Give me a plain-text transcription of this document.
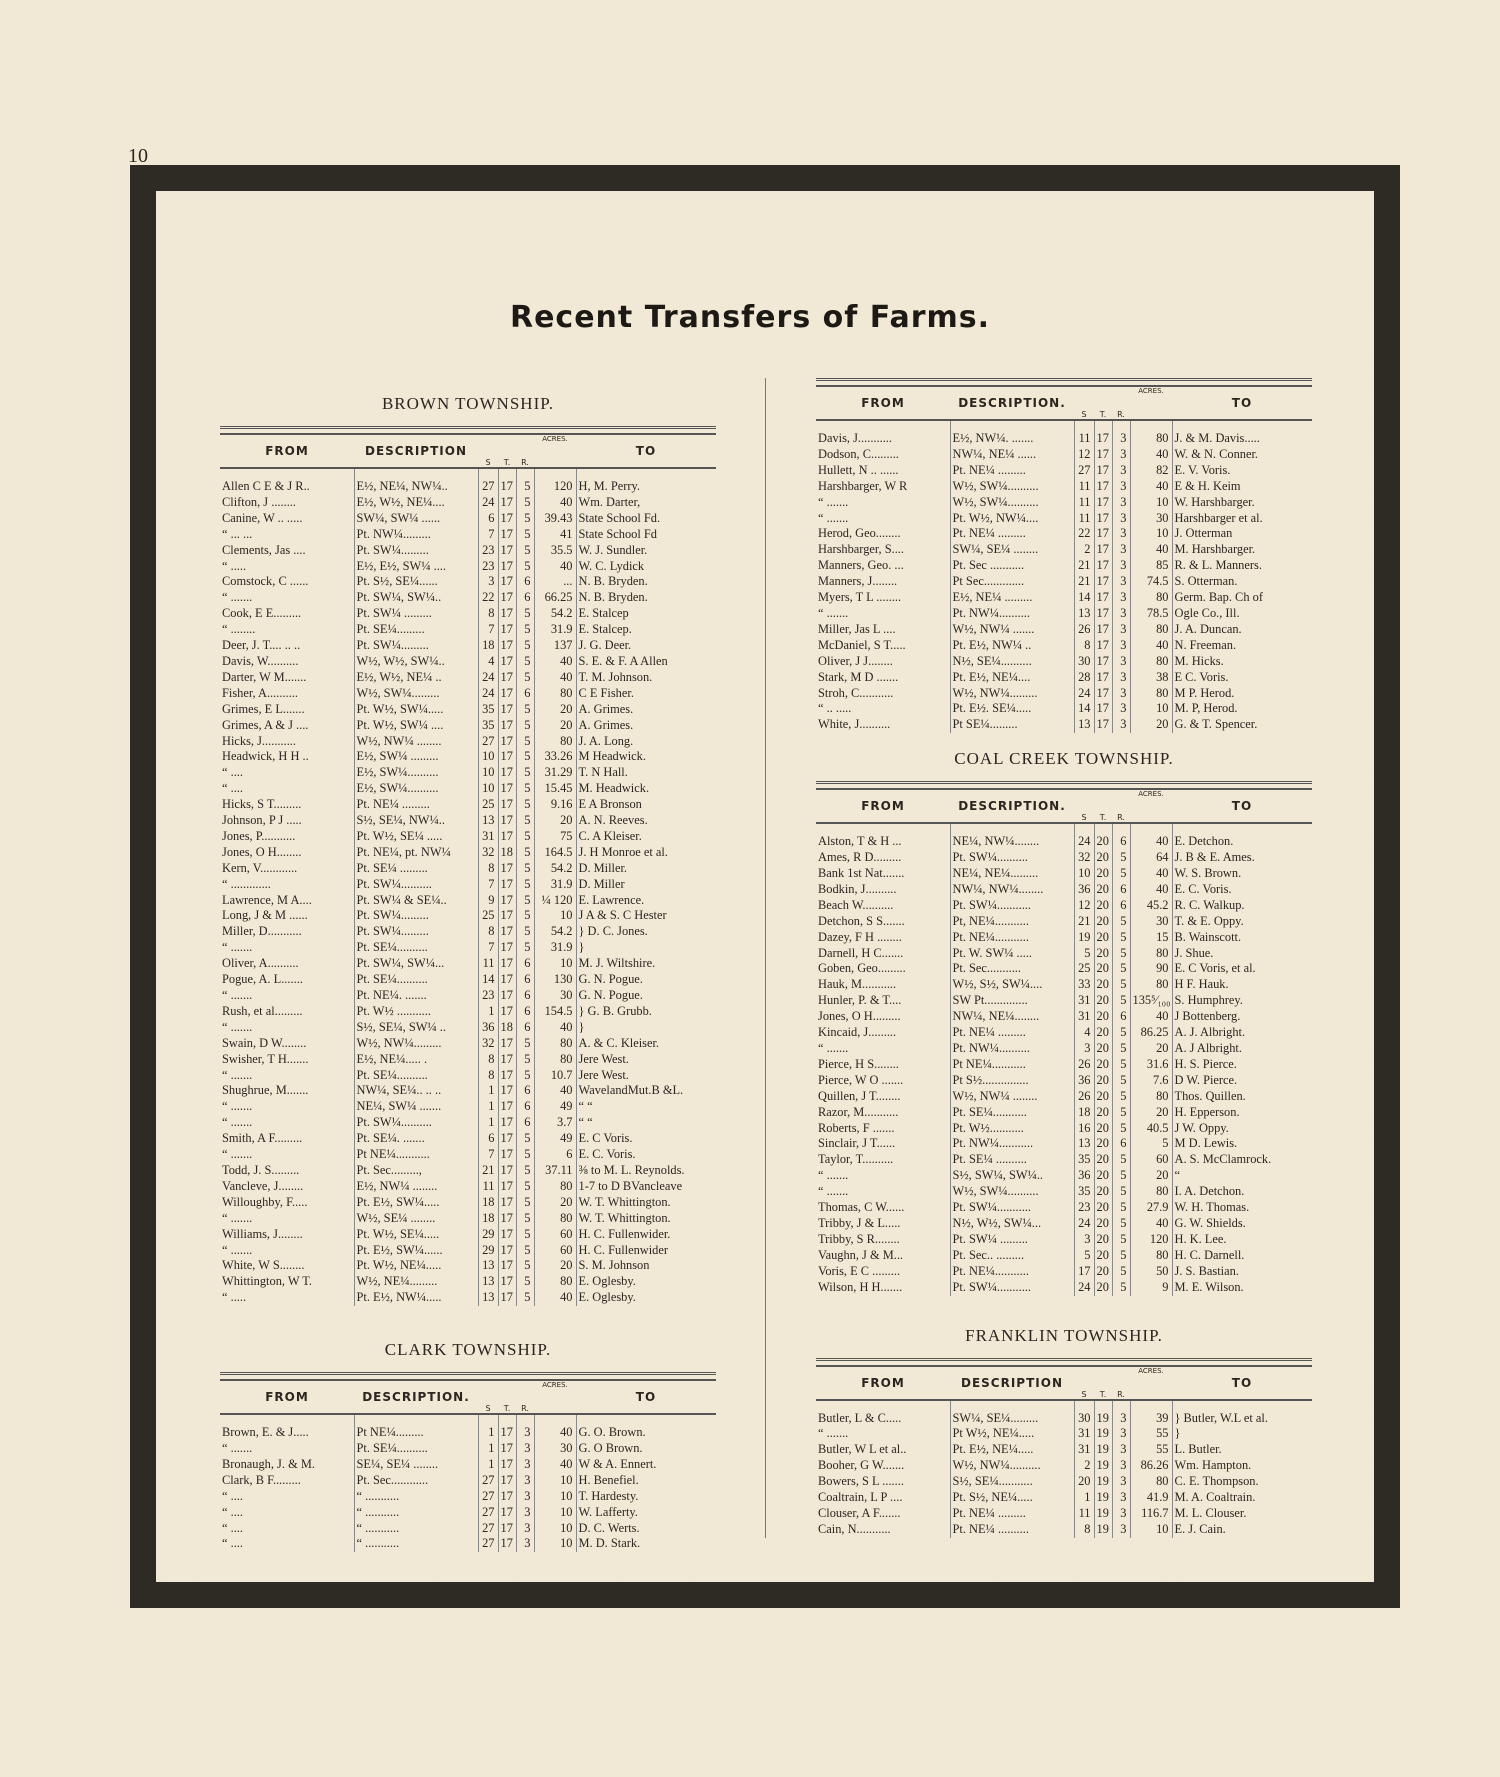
10
Recent Transfers of Farms.
BROWN TOWNSHIP.
FROM	DESCRIPTION	S	T.	R.	ACRES.	TO
Allen C E & J R..	E½, NE¼, NW¼..	27	17	5	120	H, M. Perry.
Clifton, J ........	E½, W½, NE¼....	24	17	5	40	Wm. Darter,
Canine, W .. .....	SW¼, SW¼ ......	6	17	5	39.43	State School Fd.
“ ... ...	Pt. NW¼.........	7	17	5	41	State School Fd
Clements, Jas ....	Pt. SW¼.........	23	17	5	35.5	W. J. Sundler.
“ .....	E½, E½, SW¼ ....	23	17	5	40	W. C. Lydick
Comstock, C ......	Pt. S½, SE¼......	3	17	6	...	N. B. Bryden.
“ .......	Pt. SW¼, SW¼..	22	17	6	66.25	N. B. Bryden.
Cook, E E.........	Pt. SW¼ .........	8	17	5	54.2	E. Stalcep
“ ........	Pt. SE¼.........	7	17	5	31.9	E. Stalcep.
Deer, J. T.... .. ..	Pt. SW¼.........	18	17	5	137	J. G. Deer.
Davis, W..........	W½, W½, SW¼..	4	17	5	40	S. E. & F. A Allen
Darter, W M.......	E½, W½, NE¼ ..	24	17	5	40	T. M. Johnson.
Fisher, A..........	W½, SW¼.........	24	17	6	80	C E Fisher.
Grimes, E L.......	Pt. W½, SW¼.....	35	17	5	20	A. Grimes.
Grimes, A & J ....	Pt. W½, SW¼ ....	35	17	5	20	A. Grimes.
Hicks, J...........	W½, NW¼ ........	27	17	5	80	J. A. Long.
Headwick, H H ..	E½, SW¼ .........	10	17	5	33.26	M Headwick.
“ ....	E½, SW¼..........	10	17	5	31.29	T. N Hall.
“ ....	E½, SW¼..........	10	17	5	15.45	M. Headwick.
Hicks, S T.........	Pt. NE¼ .........	25	17	5	9.16	E A Bronson
Johnson, P J .....	S½, SE¼, NW¼..	13	17	5	20	A. N. Reeves.
Jones, P...........	Pt. W½, SE¼ .....	31	17	5	75	C. A Kleiser.
Jones, O H........	Pt. NE¼, pt. NW¼	32	18	5	164.5	J. H Monroe et al.
Kern, V............	Pt. SE¼ .........	8	17	5	54.2	D. Miller.
“ .............	Pt. SW¼..........	7	17	5	31.9	D. Miller
Lawrence, M A....	Pt. SW¼ & SE¼..	9	17	5	¼ 120	E. Lawrence.
Long, J & M ......	Pt. SW¼.........	25	17	5	10	J A & S. C Hester
Miller, D...........	Pt. SW¼.........	8	17	5	54.2	} D. C. Jones.
“ .......	Pt. SE¼..........	7	17	5	31.9	}
Oliver, A..........	Pt. SW¼, SW¼...	11	17	6	10	M. J. Wiltshire.
Pogue, A. L.......	Pt. SE¼..........	14	17	6	130	G. N. Pogue.
“ .......	Pt. NE¼. .......	23	17	6	30	G. N. Pogue.
Rush, et al.........	Pt. W½ ...........	1	17	6	154.5	} G. B. Grubb.
“ .......	S½, SE¼, SW¼ ..	36	18	6	40	}
Swain, D W........	W½, NW¼.........	32	17	5	80	A. & C. Kleiser.
Swisher, T H.......	E½, NE¼..... .	8	17	5	80	Jere West.
“ .......	Pt. SE¼..........	8	17	5	10.7	Jere West.
Shughrue, M.......	NW¼, SE¼.. .. ..	1	17	6	40	WavelandMut.B &L.
“ .......	NE¼, SW¼ .......	1	17	6	49	“ “
“ .......	Pt. SW¼..........	1	17	6	3.7	“ “
Smith, A F.........	Pt. SE¼. .......	6	17	5	49	E. C Voris.
“ .......	Pt NE¼...........	7	17	5	6	E. C. Voris.
Todd, J. S.........	Pt. Sec.........,	21	17	5	37.11	⅜ to M. L. Reynolds.
Vancleve, J........	E½, NW¼ ........	11	17	5	80	1-7 to D BVancleave
Willoughby, F.....	Pt. E½, SW¼.....	18	17	5	20	W. T. Whittington.
“ .......	W½, SE¼ ........	18	17	5	80	W. T. Whittington.
Williams, J........	Pt. W½, SE¼.....	29	17	5	60	H. C. Fullenwider.
“ .......	Pt. E½, SW¼......	29	17	5	60	H. C. Fullenwider
White, W S........	Pt. W½, NE¼.....	13	17	5	20	S. M. Johnson
Whittington, W T.	W½, NE¼.........	13	17	5	80	E. Oglesby.
“ .....	Pt. E½, NW¼.....	13	17	5	40	E. Oglesby.
CLARK TOWNSHIP.
FROM	DESCRIPTION.	S	T.	R.	ACRES.	TO
Brown, E. & J.....	Pt NE¼.........	1	17	3	40	G. O. Brown.
“ .......	Pt. SE¼..........	1	17	3	30	G. O Brown.
Bronaugh, J. & M.	SE¼, SE¼ ........	1	17	3	40	W & A. Ennert.
Clark, B F.........	Pt. Sec............	27	17	3	10	H. Benefiel.
“ ....	“ ...........	27	17	3	10	T. Hardesty.
“ ....	“ ...........	27	17	3	10	W. Lafferty.
“ ....	“ ...........	27	17	3	10	D. C. Werts.
“ ....	“ ...........	27	17	3	10	M. D. Stark.
FROM	DESCRIPTION.	S	T.	R.	ACRES.	TO
Davis, J...........	E½, NW¼. .......	11	17	3	80	J. & M. Davis.....
Dodson, C.........	NW¼, NE¼ ......	12	17	3	40	W. & N. Conner.
Hullett, N .. ......	Pt. NE¼ .........	27	17	3	82	E. V. Voris.
Harshbarger, W R	W½, SW¼..........	11	17	3	40	E & H. Keim
“ .......	W½, SW¼..........	11	17	3	10	W. Harshbarger.
“ .......	Pt. W½, NW¼....	11	17	3	30	Harshbarger et al.
Herod, Geo........	Pt. NE¼ .........	22	17	3	10	J. Otterman
Harshbarger, S....	SW¼, SE¼ ........	2	17	3	40	M. Harshbarger.
Manners, Geo. ...	Pt. Sec ...........	21	17	3	85	R. & L. Manners.
Manners, J........	Pt Sec.............	21	17	3	74.5	S. Otterman.
Myers, T L ........	E½, NE¼ .........	14	17	3	80	Germ. Bap. Ch of
“ .......	Pt. NW¼..........	13	17	3	78.5	Ogle Co., Ill.
Miller, Jas L ....	W½, NW¼ .......	26	17	3	80	J. A. Duncan.
McDaniel, S T.....	Pt. E½, NW¼ ..	8	17	3	40	N. Freeman.
Oliver, J J........	N½, SE¼..........	30	17	3	80	M. Hicks.
Stark, M D .......	Pt. E½, NE¼....	28	17	3	38	E C. Voris.
Stroh, C...........	W½, NW¼.........	24	17	3	80	M P. Herod.
“ .. .....	Pt. E½. SE¼.....	14	17	3	10	M. P, Herod.
White, J..........	Pt SE¼.........	13	17	3	20	G. & T. Spencer.
COAL CREEK TOWNSHIP.
FROM	DESCRIPTION.	S	T.	R.	ACRES.	TO
Alston, T & H ...	NE¼, NW¼........	24	20	6	40	E. Detchon.
Ames, R D.........	Pt. SW¼..........	32	20	5	64	J. B & E. Ames.
Bank 1st Nat.......	NE¼, NE¼.........	10	20	5	40	W. S. Brown.
Bodkin, J..........	NW¼, NW¼........	36	20	6	40	E. C. Voris.
Beach W..........	Pt. SW¼...........	12	20	6	45.2	R. C. Walkup.
Detchon, S S.......	Pt, NE¼...........	21	20	5	30	T. & E. Oppy.
Dazey, F H ........	Pt. NE¼...........	19	20	5	15	B. Wainscott.
Darnell, H C.......	Pt. W. SW¼ .....	5	20	5	80	J. Shue.
Goben, Geo.........	Pt. Sec...........	25	20	5	90	E. C Voris, et al.
Hauk, M...........	W½, S½, SW¼....	33	20	5	80	H F. Hauk.
Hunler, P. & T....	SW Pt..............	31	20	5	135⁵⁄₁₀₀	S. Humphrey.
Jones, O H.........	NW¼, NE¼........	31	20	6	40	J Bottenberg.
Kincaid, J.........	Pt. NE¼ .........	4	20	5	86.25	A. J. Albright.
“ .......	Pt. NW¼..........	3	20	5	20	A. J Albright.
Pierce, H S........	Pt NE¼...........	26	20	5	31.6	H. S. Pierce.
Pierce, W O .......	Pt S½...............	36	20	5	7.6	D W. Pierce.
Quillen, J T........	W½, NW¼ ........	26	20	5	80	Thos. Quillen.
Razor, M...........	Pt. SE¼...........	18	20	5	20	H. Epperson.
Roberts, F .......	Pt. W½...........	16	20	5	40.5	J W. Oppy.
Sinclair, J T......	Pt. NW¼...........	13	20	6	5	M D. Lewis.
Taylor, T..........	Pt. SE¼ ..........	35	20	5	60	A. S. McClamrock.
“ .......	S½, SW¼, SW¼..	36	20	5	20	“
“ .......	W½, SW¼..........	35	20	5	80	I. A. Detchon.
Thomas, C W......	Pt. SW¼...........	23	20	5	27.9	W. H. Thomas.
Tribby, J & L.....	N½, W½, SW¼...	24	20	5	40	G. W. Shields.
Tribby, S R........	Pt. SW¼ .........	3	20	5	120	H. K. Lee.
Vaughn, J & M...	Pt. Sec.. .........	5	20	5	80	H. C. Darnell.
Voris, E C .........	Pt. NE¼...........	17	20	5	50	J. S. Bastian.
Wilson, H H.......	Pt. SW¼...........	24	20	5	9	M. E. Wilson.
FRANKLIN TOWNSHIP.
FROM	DESCRIPTION	S	T.	R.	ACRES.	TO
Butler, L & C.....	SW¼, SE¼.........	30	19	3	39	} Butler, W.L et al.
“ .......	Pt W½, NE¼.....	31	19	3	55	}
Butler, W L et al..	Pt. E½, NE¼.....	31	19	3	55	L. Butler.
Booher, G W.......	W½, NW¼..........	2	19	3	86.26	Wm. Hampton.
Bowers, S L .......	S½, SE¼...........	20	19	3	80	C. E. Thompson.
Coaltrain, L P ....	Pt. S½, NE¼.....	1	19	3	41.9	M. A. Coaltrain.
Clouser, A F.......	Pt. NE¼ .........	11	19	3	116.7	M. L. Clouser.
Cain, N...........	Pt. NE¼ ..........	8	19	3	10	E. J. Cain.
